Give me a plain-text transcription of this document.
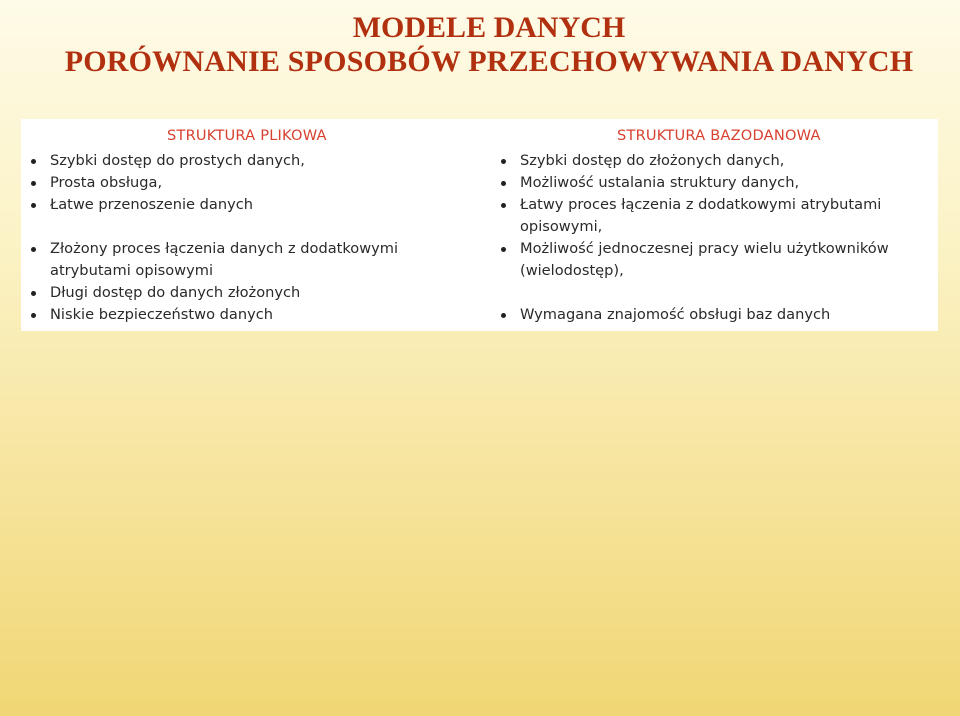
MODELE DANYCH
PORÓWNANIE SPOSOBÓW PRZECHOWYWANIA DANYCH
STRUKTURA PLIKOWA
Szybki dostęp do prostych danych,
Prosta obsługa,
Łatwe przenoszenie danych
Złożony proces łączenia danych z dodatkowymi atrybutami opisowymi
Długi dostęp do danych złożonych
Niskie bezpieczeństwo danych
STRUKTURA BAZODANOWA
Szybki dostęp do złożonych danych,
Możliwość ustalania struktury danych,
Łatwy proces łączenia z dodatkowymi atrybutami opisowymi,
Możliwość jednoczesnej pracy wielu użytkowników (wielodostęp),
Wymagana znajomość obsługi baz danych
